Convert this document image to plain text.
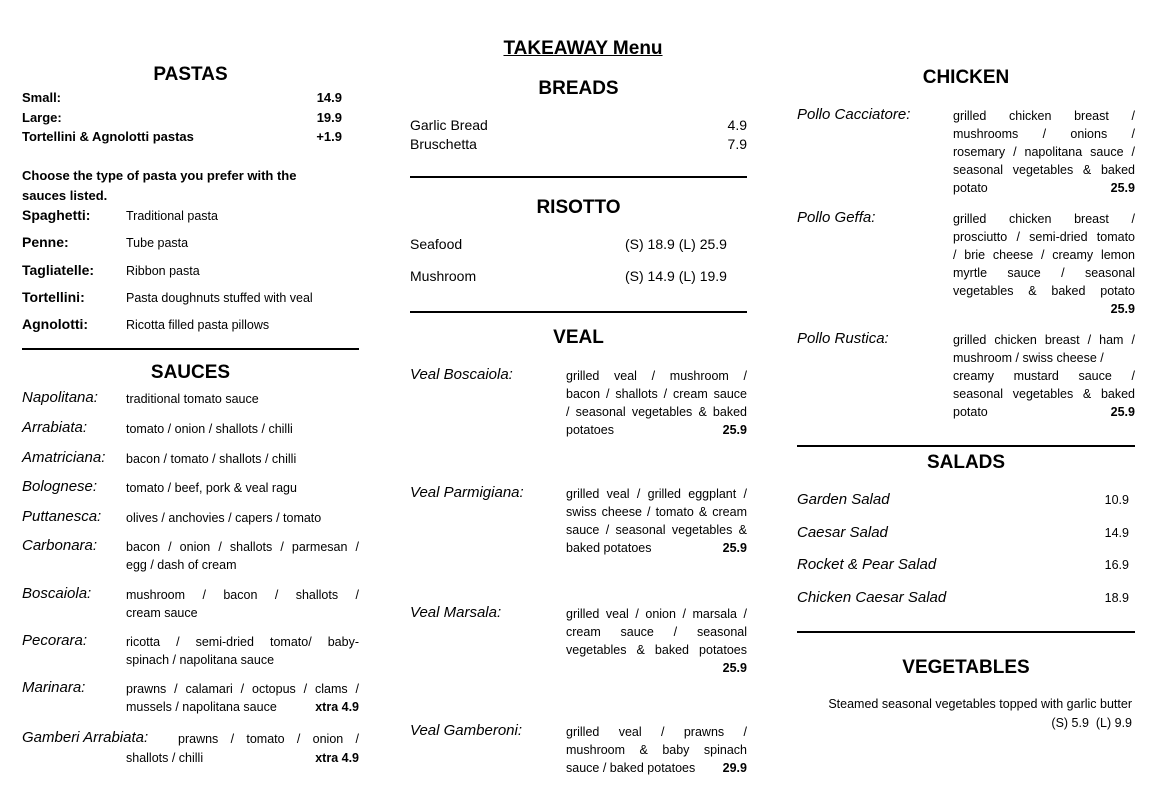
TAKEAWAY Menu
PASTAS
Small:	14.9
Large:	19.9
Tortellini & Agnolotti pastas	+1.9
Choose the type of pasta you prefer with the sauces listed.
Spaghetti:	Traditional pasta
Penne:	Tube pasta
Tagliatelle:	Ribbon pasta
Tortellini:	Pasta doughnuts stuffed with veal
Agnolotti:	Ricotta filled pasta pillows
SAUCES
Napolitana: traditional tomato sauce
Arrabiata:	tomato / onion / shallots / chilli
Amatriciana: bacon / tomato / shallots / chilli
Bolognese: tomato / beef, pork & veal ragu
Puttanesca: olives / anchovies / capers / tomato
Carbonara: bacon / onion / shallots / parmesan /
egg / dash of cream
Boscaiola:	mushroom / bacon / shallots /
cream sauce
Pecorara:	ricotta / semi-dried tomato/ baby-
spinach / napolitana sauce
Marinara:	prawns / calamari / octopus / clams /
mussels / napolitana sauce	xtra 4.9
Gamberi Arrabiata: prawns / tomato / onion /
shallots / chilli	xtra 4.9
BREADS
Garlic Bread	4.9
Bruschetta	7.9
RISOTTO
Seafood	(S) 18.9 (L) 25.9
Mushroom	(S) 14.9 (L) 19.9
VEAL
Veal Boscaiola:	grilled veal / mushroom /
bacon / shallots / cream sauce
/ seasonal vegetables & baked
potatoes	25.9
Veal Parmigiana:	grilled veal / grilled eggplant /
swiss cheese / tomato & cream
sauce / seasonal vegetables &
baked potatoes	25.9
Veal Marsala:	grilled veal / onion / marsala /
cream sauce / seasonal
vegetables & baked potatoes
25.9
Veal Gamberoni:	grilled veal / prawns /
mushroom & baby spinach
sauce / baked potatoes 29.9
CHICKEN
Pollo Cacciatore:	grilled chicken breast /
mushrooms / onions /
rosemary / napolitana sauce /
seasonal vegetables & baked
potato	25.9
Pollo Geffa:	grilled chicken breast /
prosciutto / semi-dried tomato
/ brie cheese / creamy lemon
myrtle sauce / seasonal
vegetables & baked potato
25.9
Pollo Rustica:	grilled chicken breast / ham /
mushroom / swiss cheese /
creamy mustard sauce /
seasonal vegetables & baked
potato	25.9
SALADS
Garden Salad	10.9
Caesar Salad	14.9
Rocket & Pear Salad	16.9
Chicken Caesar Salad	18.9
VEGETABLES
Steamed seasonal vegetables topped with garlic butter
(S) 5.9  (L) 9.9
